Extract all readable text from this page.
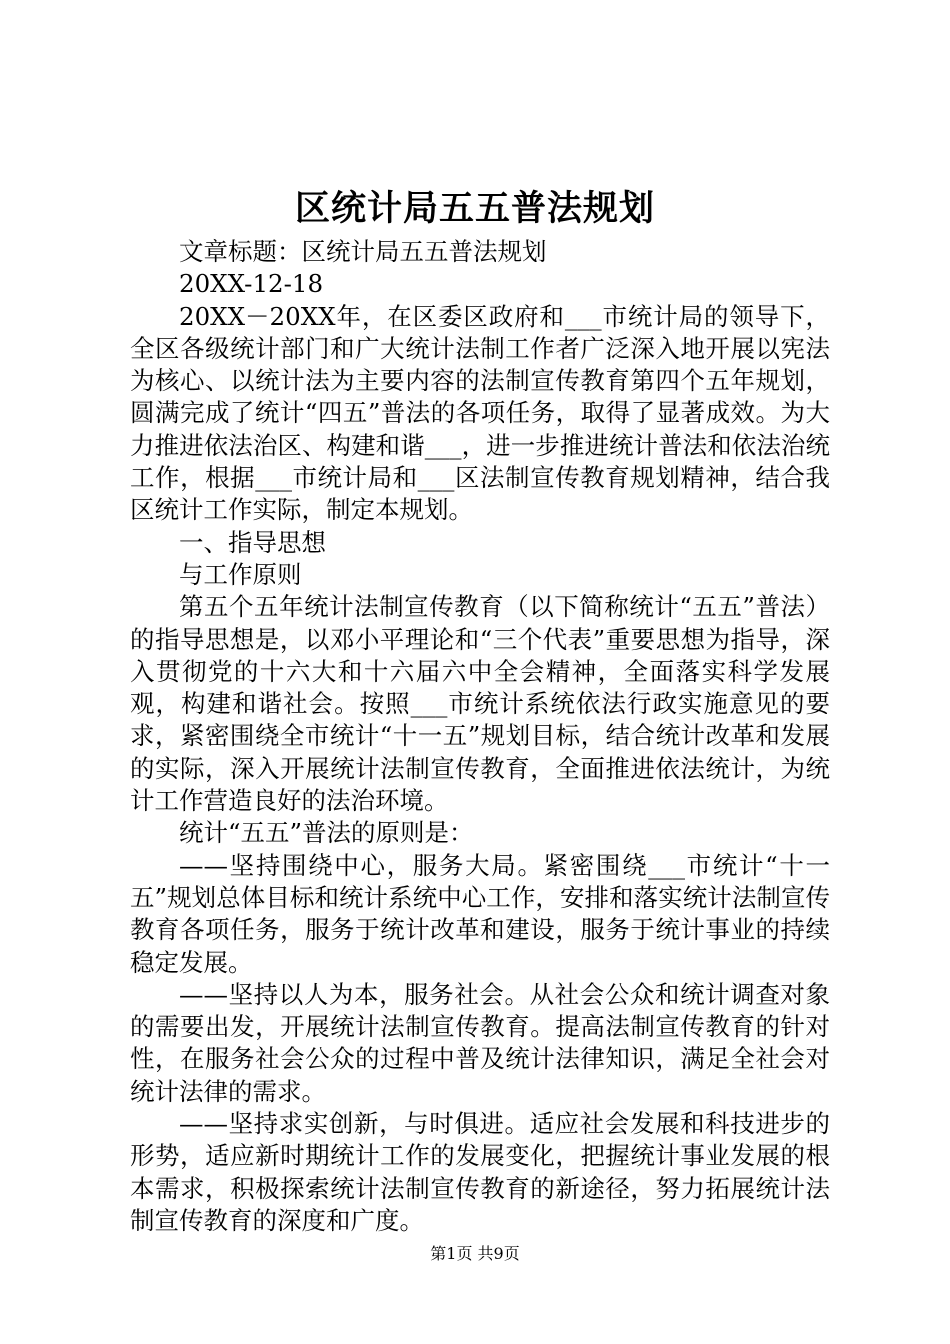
区统计局五五普法规划

文章标题：区统计局五五普法规划

20XX-12-18

20XX－20XX年，在区委区政府和___市统计局的领导下，全区各级统计部门和广大统计法制工作者广泛深入地开展以宪法为核心、以统计法为主要内容的法制宣传教育第四个五年规划，圆满完成了统计“四五”普法的各项任务，取得了显著成效。为大力推进依法治区、构建和谐___，进一步推进统计普法和依法治统工作，根据___市统计局和___区法制宣传教育规划精神，结合我区统计工作实际，制定本规划。

一、指导思想

与工作原则

第五个五年统计法制宣传教育（以下简称统计“五五”普法）的指导思想是，以邓小平理论和“三个代表”重要思想为指导，深入贯彻党的十六大和十六届六中全会精神，全面落实科学发展观，构建和谐社会。按照___市统计系统依法行政实施意见的要求，紧密围绕全市统计“十一五”规划目标，结合统计改革和发展的实际，深入开展统计法制宣传教育，全面推进依法统计，为统计工作营造良好的法治环境。

统计“五五”普法的原则是：

——坚持围绕中心，服务大局。紧密围绕___市统计“十一五”规划总体目标和统计系统中心工作，安排和落实统计法制宣传教育各项任务，服务于统计改革和建设，服务于统计事业的持续稳定发展。

——坚持以人为本，服务社会。从社会公众和统计调查对象的需要出发，开展统计法制宣传教育。提高法制宣传教育的针对性，在服务社会公众的过程中普及统计法律知识，满足全社会对统计法律的需求。

——坚持求实创新，与时俱进。适应社会发展和科技进步的形势，适应新时期统计工作的发展变化，把握统计事业发展的根本需求，积极探索统计法制宣传教育的新途径，努力拓展统计法制宣传教育的深度和广度。

第1页 共9页
